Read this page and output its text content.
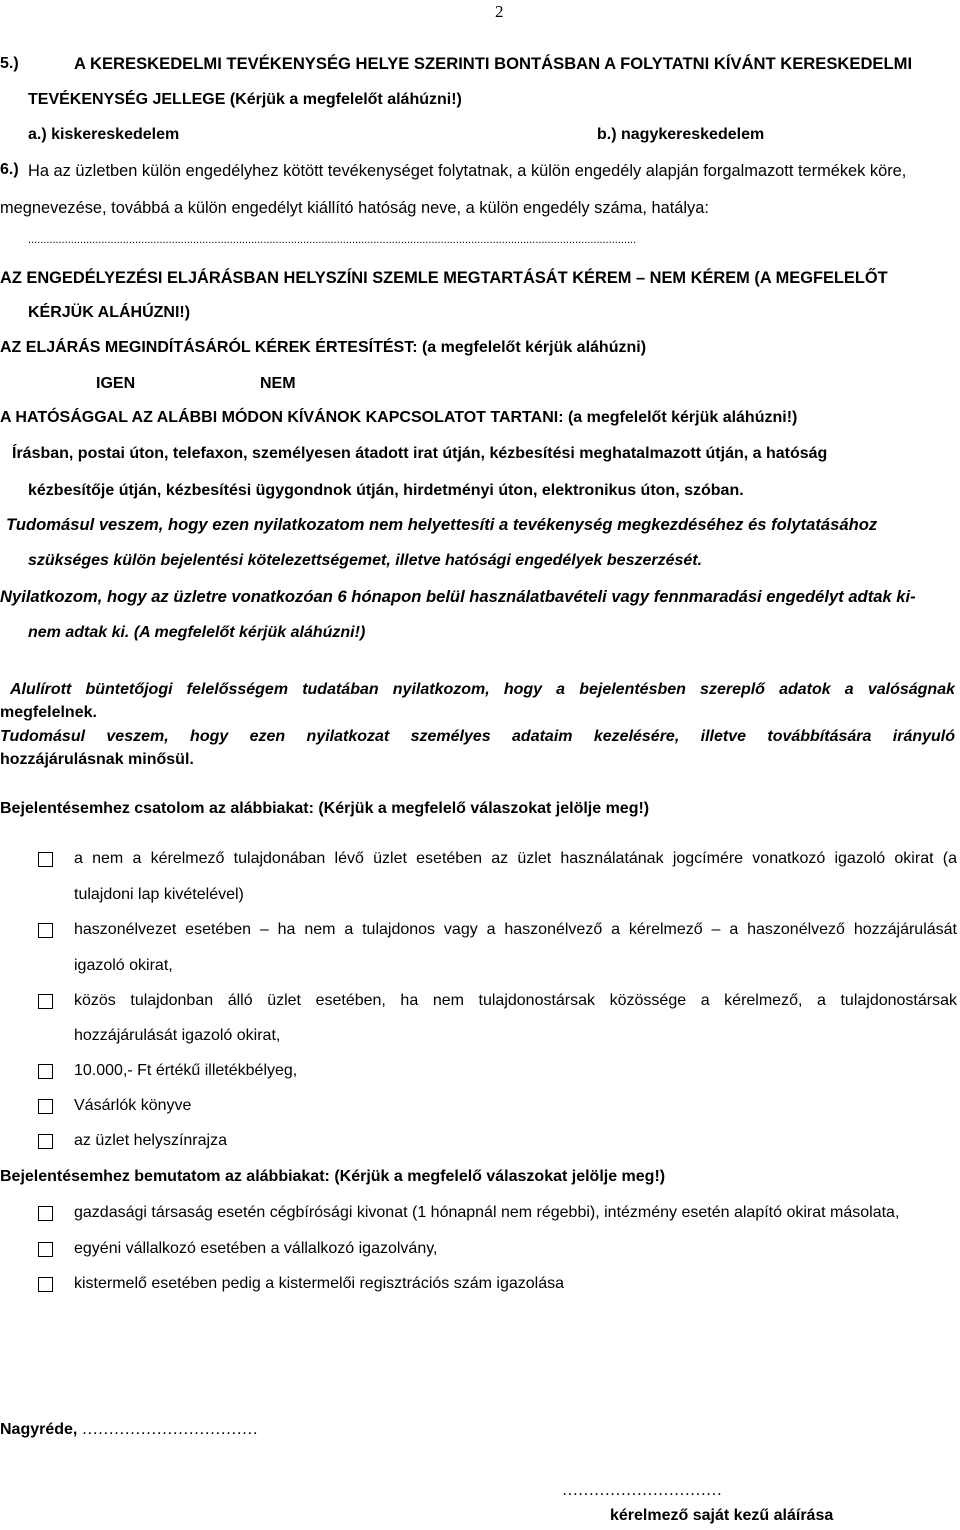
2
5.)	A KERESKEDELMI TEVÉKENYSÉG HELYE SZERINTI BONTÁSBAN A FOLYTATNI KÍVÁNT KERESKEDELMI
TEVÉKENYSÉG JELLEGE (Kérjük a megfelelőt aláhúzni!)
a.) kiskereskedelem	b.) nagykereskedelem
6.) Ha az üzletben külön engedélyhez kötött tevékenységet folytatnak, a külön engedély alapján forgalmazott termékek köre,
megnevezése, továbbá a külön engedélyt kiállító hatóság neve, a külön engedély száma, hatálya:
.......................................................................................................................................................................................................
AZ ENGEDÉLYEZÉSI ELJÁRÁSBAN HELYSZÍNI SZEMLE MEGTARTÁSÁT KÉREM – NEM KÉREM (A MEGFELELŐT
KÉRJÜK ALÁHÚZNI!)
AZ ELJÁRÁS MEGINDÍTÁSÁRÓL KÉREK ÉRTESÍTÉST: (a megfelelőt kérjük aláhúzni)
IGEN	NEM
A HATÓSÁGGAL AZ ALÁBBI MÓDON KÍVÁNOK KAPCSOLATOT TARTANI: (a megfelelőt kérjük aláhúzni!)
Írásban, postai úton, telefaxon, személyesen átadott irat útján, kézbesítési meghatalmazott útján, a hatóság
kézbesítője útján, kézbesítési ügygondnok útján, hirdetményi úton, elektronikus úton, szóban.
Tudomásul veszem, hogy ezen nyilatkozatom nem helyettesíti a tevékenység megkezdéséhez és folytatásához
szükséges külön bejelentési kötelezettségemet, illetve hatósági engedélyek beszerzését.
Nyilatkozom, hogy az üzletre vonatkozóan 6 hónapon belül használatbavételi vagy fennmaradási engedélyt adtak ki-
nem adtak ki. (A megfelelőt kérjük aláhúzni!)
Alulírott büntetőjogi felelősségem tudatában nyilatkozom, hogy a bejelentésben szereplő adatok a valóságnak
megfelelnek.
Tudomásul veszem, hogy ezen nyilatkozat személyes adataim kezelésére, illetve továbbítására irányuló
hozzájárulásnak minősül.
Bejelentésemhez csatolom az alábbiakat: (Kérjük a megfelelő válaszokat jelölje meg!)
a nem a kérelmező tulajdonában lévő üzlet esetében az üzlet használatának jogcímére vonatkozó igazoló okirat (a
tulajdoni lap kivételével)
haszonélvezet esetében – ha nem a tulajdonos vagy a haszonélvező a kérelmező – a haszonélvező hozzájárulását
igazoló okirat,
közös tulajdonban álló üzlet esetében, ha nem tulajdonostársak közössége a kérelmező, a tulajdonostársak
hozzájárulását igazoló okirat,
10.000,- Ft értékű illetékbélyeg,
Vásárlók könyve
az üzlet helyszínrajza
Bejelentésemhez bemutatom az alábbiakat: (Kérjük a megfelelő válaszokat jelölje meg!)
gazdasági társaság esetén cégbírósági kivonat (1 hónapnál nem régebbi), intézmény esetén alapító okirat másolata,
egyéni vállalkozó esetében a vállalkozó igazolvány,
kistermelő esetében pedig a kistermelői regisztrációs szám igazolása
Nagyréde, ……………………………
…………………………
kérelmező saját kezű aláírása
